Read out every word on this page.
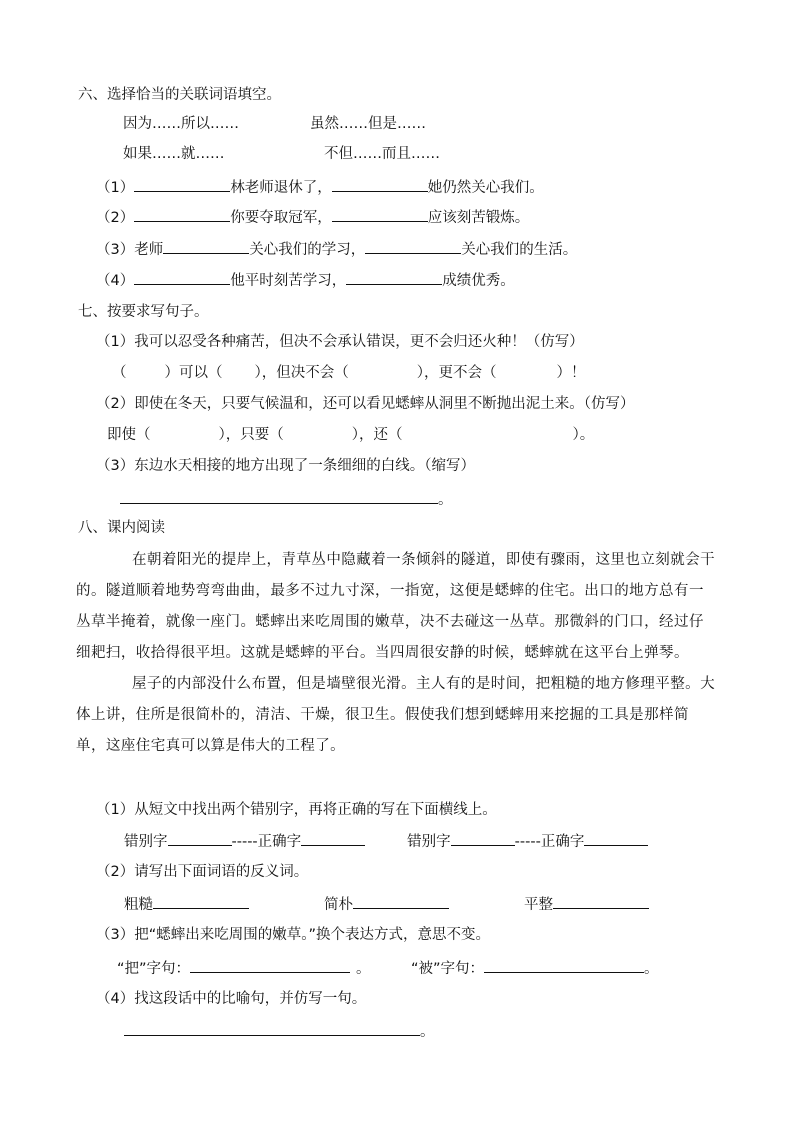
六、选择恰当的关联词语填空。
因为……所以……	虽然……但是……
如果……就……	不但……而且……
（1）	林老师退休了，	她仍然关心我们。
（2）	你要夺取冠军，	应该刻苦锻炼。
（3）老师	关心我们的学习，	关心我们的生活。
（4）	他平时刻苦学习，	成绩优秀。
七、按要求写句子。
（1）我可以忍受各种痛苦，但决不会承认错误，更不会归还火种！（仿写）
（	）可以（ ），但决不会（	），更不会（	）！
（2）即使在冬天，只要气候温和，还可以看见蟋蟀从洞里不断抛出泥土来。（仿写）
即使（	），只要（	），还（	）。
（3）东边水天相接的地方出现了一条细细的白线。（缩写）
。
八、课内阅读

在朝着阳光的提岸上，青草丛中隐藏着一条倾斜的隧道，即使有骤雨，这里也立刻就会干的。隧道顺着地势弯弯曲曲，最多不过九寸深，一指宽，这便是蟋蟀的住宅。出口的地方总有一丛草半掩着，就像一座门。蟋蟀出来吃周围的嫩草，决不去碰这一丛草。那微斜的门口，经过仔细耙扫，收拾得很平坦。这就是蟋蟀的平台。当四周很安静的时候，蟋蟀就在这平台上弹琴。

屋子的内部没什么布置，但是墙壁很光滑。主人有的是时间，把粗糙的地方修理平整。大体上讲，住所是很简朴的，清洁、干燥，很卫生。假使我们想到蟋蟀用来挖掘的工具是那样简单，这座住宅真可以算是伟大的工程了。

（1）从短文中找出两个错别字，再将正确的写在下面横线上。
错别字	-----正确字	错别字	-----正确字
（2）请写出下面词语的反义词。
粗糙	简朴	平整
（3）把“蟋蟀出来吃周围的嫩草。”换个表达方式，意思不变。
“把”字句：	。	“被”字句：	。
（4）找这段话中的比喻句，并仿写一句。
。
